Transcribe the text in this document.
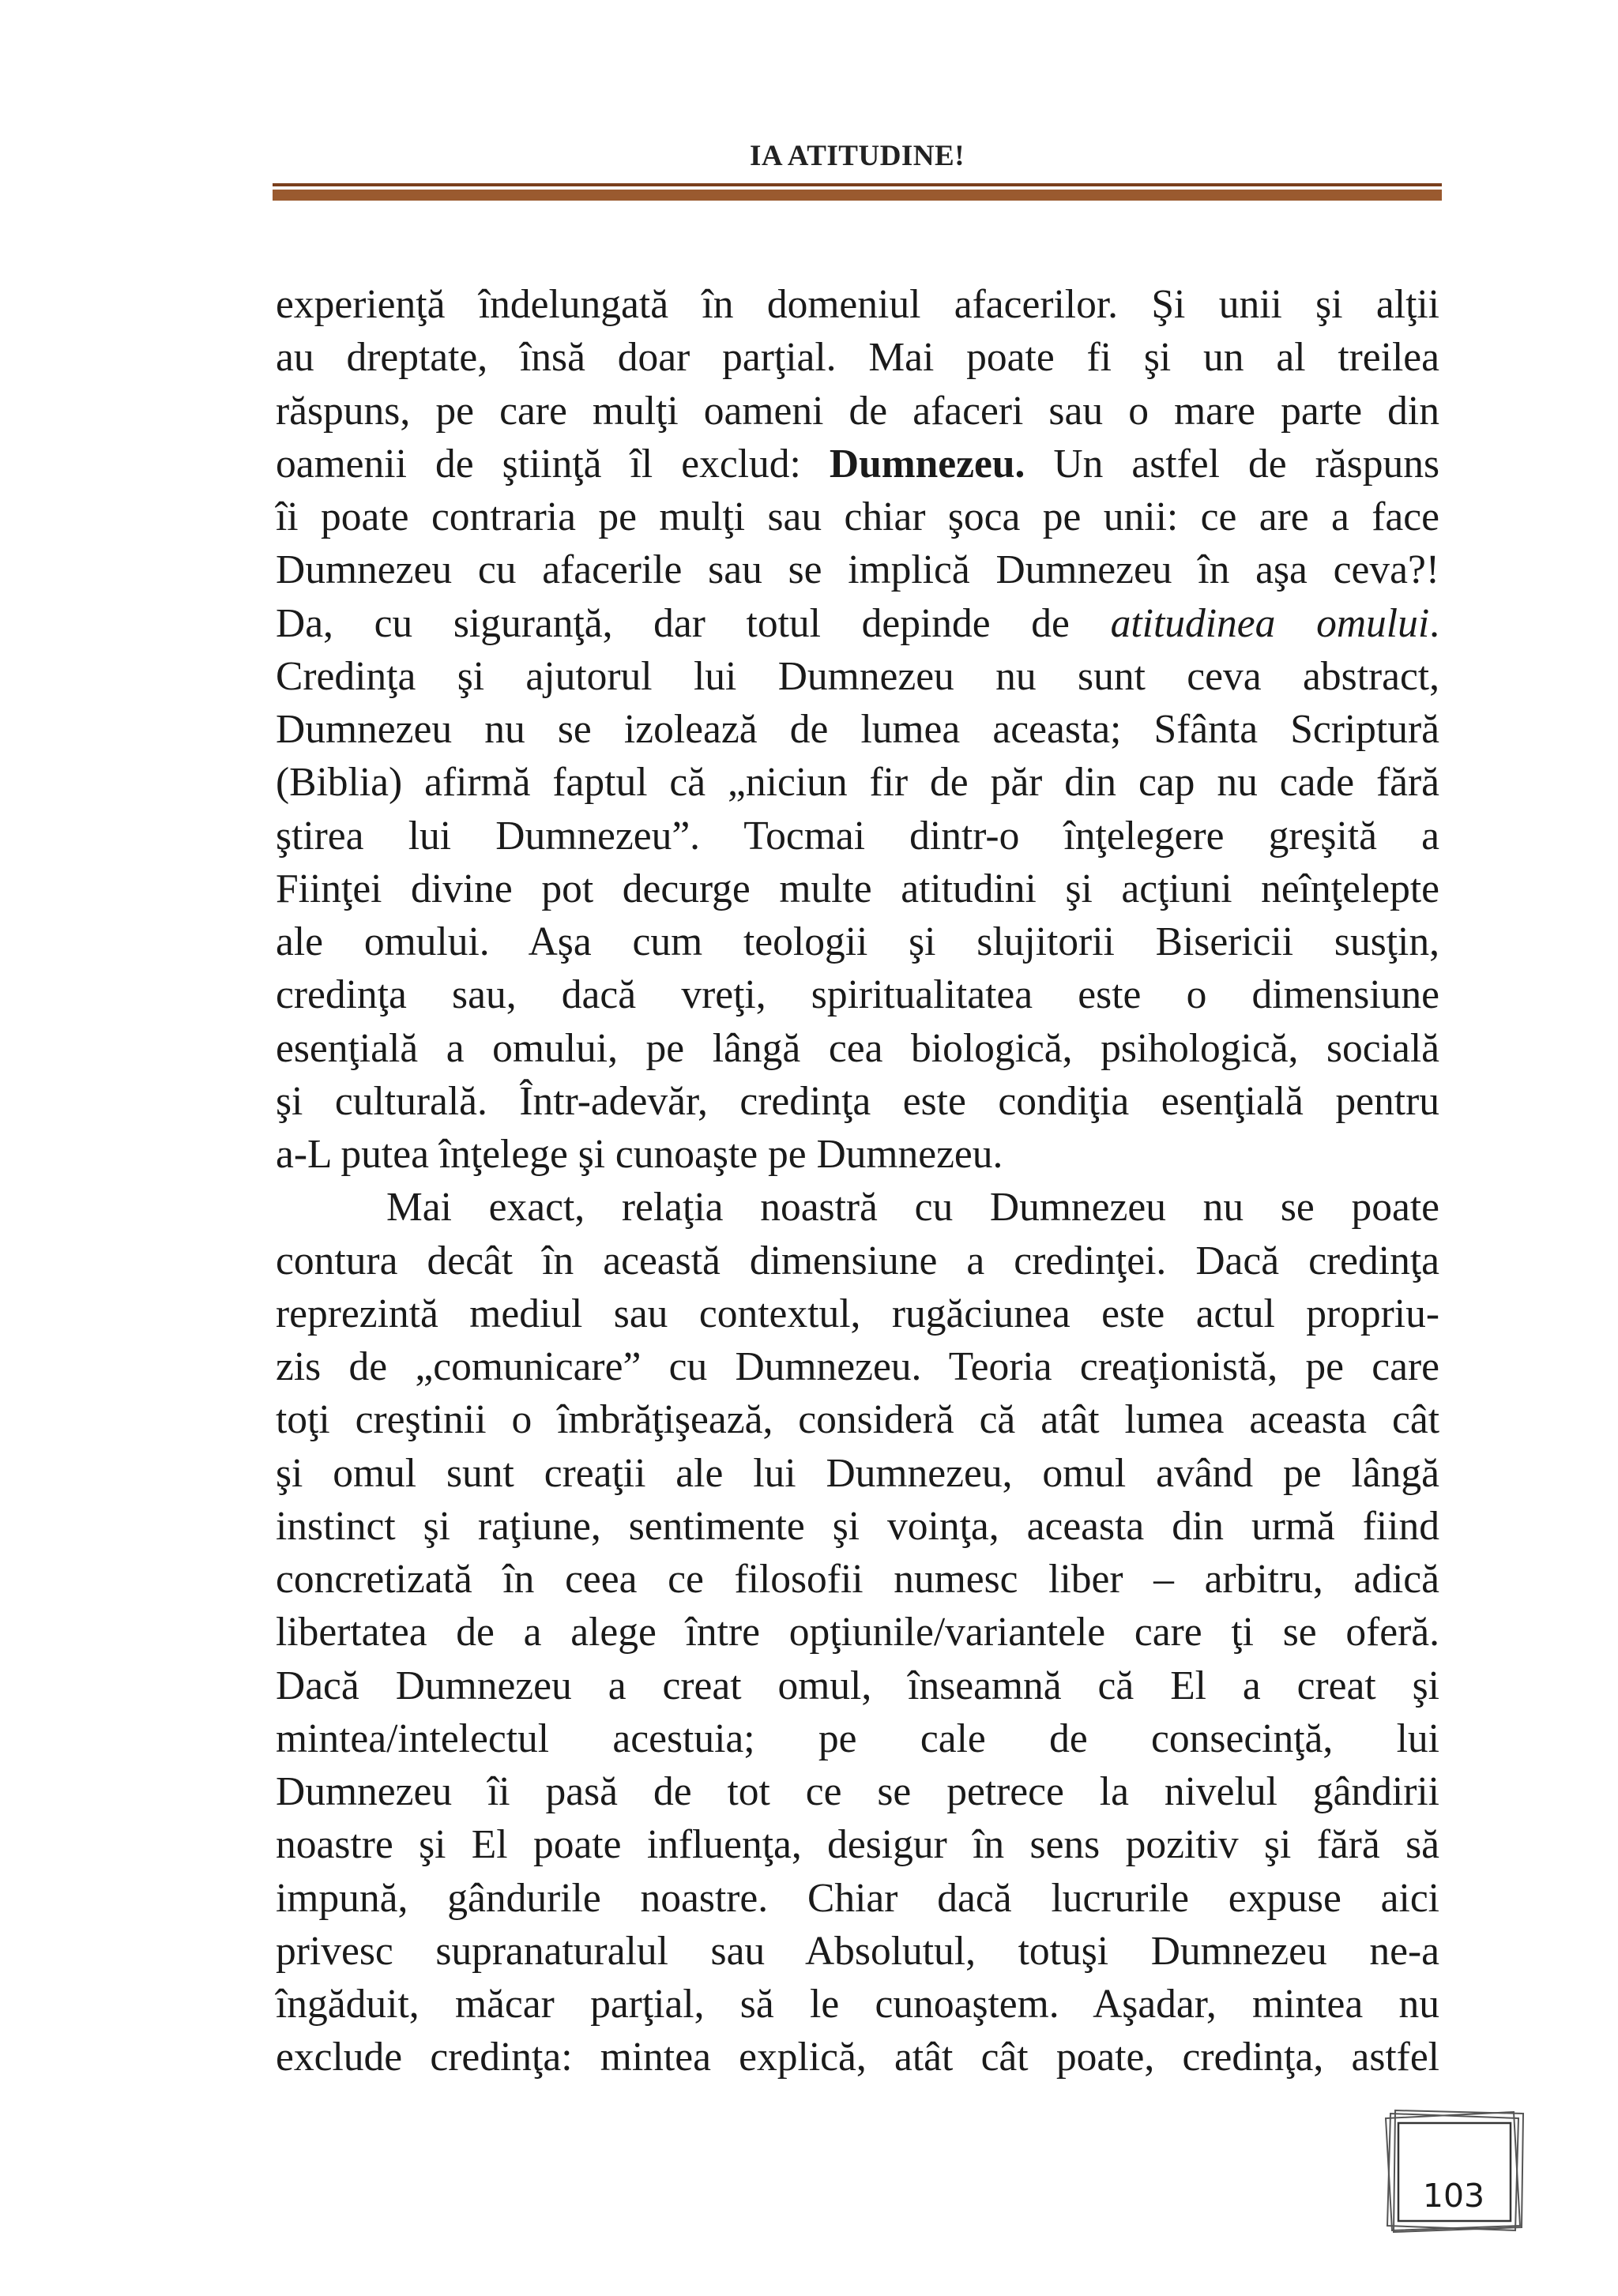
IA ATITUDINE!
experienţă îndelungată în domeniul afacerilor. Şi unii şi alţii
au dreptate, însă doar parţial. Mai poate fi şi un al treilea
răspuns, pe care mulţi oameni de afaceri sau o mare parte din
oamenii de ştiinţă îl exclud: Dumnezeu. Un astfel de răspuns
îi poate contraria pe mulţi sau chiar şoca pe unii: ce are a face
Dumnezeu cu afacerile sau se implică Dumnezeu în aşa ceva?!
Da, cu siguranţă, dar totul depinde de atitudinea omului.
Credinţa şi ajutorul lui Dumnezeu nu sunt ceva abstract,
Dumnezeu nu se izolează de lumea aceasta; Sfânta Scriptură
(Biblia) afirmă faptul că „niciun fir de păr din cap nu cade fără
ştirea lui Dumnezeu”. Tocmai dintr-o înţelegere greşită a
Fiinţei divine pot decurge multe atitudini şi acţiuni neînţelepte
ale omului. Aşa cum teologii şi slujitorii Bisericii susţin,
credinţa sau, dacă vreţi, spiritualitatea este o dimensiune
esenţială a omului, pe lângă cea biologică, psihologică, socială
şi culturală. Într-adevăr, credinţa este condiţia esenţială pentru
a-L putea înţelege şi cunoaşte pe Dumnezeu.
Mai exact, relaţia noastră cu Dumnezeu nu se poate
contura decât în această dimensiune a credinţei. Dacă credinţa
reprezintă mediul sau contextul, rugăciunea este actul propriu-
zis de „comunicare” cu Dumnezeu. Teoria creaţionistă, pe care
toţi creştinii o îmbrăţişează, consideră că atât lumea aceasta cât
şi omul sunt creaţii ale lui Dumnezeu, omul având pe lângă
instinct şi raţiune, sentimente şi voinţa, aceasta din urmă fiind
concretizată în ceea ce filosofii numesc liber – arbitru, adică
libertatea de a alege între opţiunile/variantele care ţi se oferă.
Dacă Dumnezeu a creat omul, înseamnă că El a creat şi
mintea/intelectul acestuia; pe cale de consecinţă, lui
Dumnezeu îi pasă de tot ce se petrece la nivelul gândirii
noastre şi El poate influenţa, desigur în sens pozitiv şi fără să
impună, gândurile noastre. Chiar dacă lucrurile expuse aici
privesc supranaturalul sau Absolutul, totuşi Dumnezeu ne-a
îngăduit, măcar parţial, să le cunoaştem. Aşadar, mintea nu
exclude credinţa: mintea explică, atât cât poate, credinţa, astfel
103
